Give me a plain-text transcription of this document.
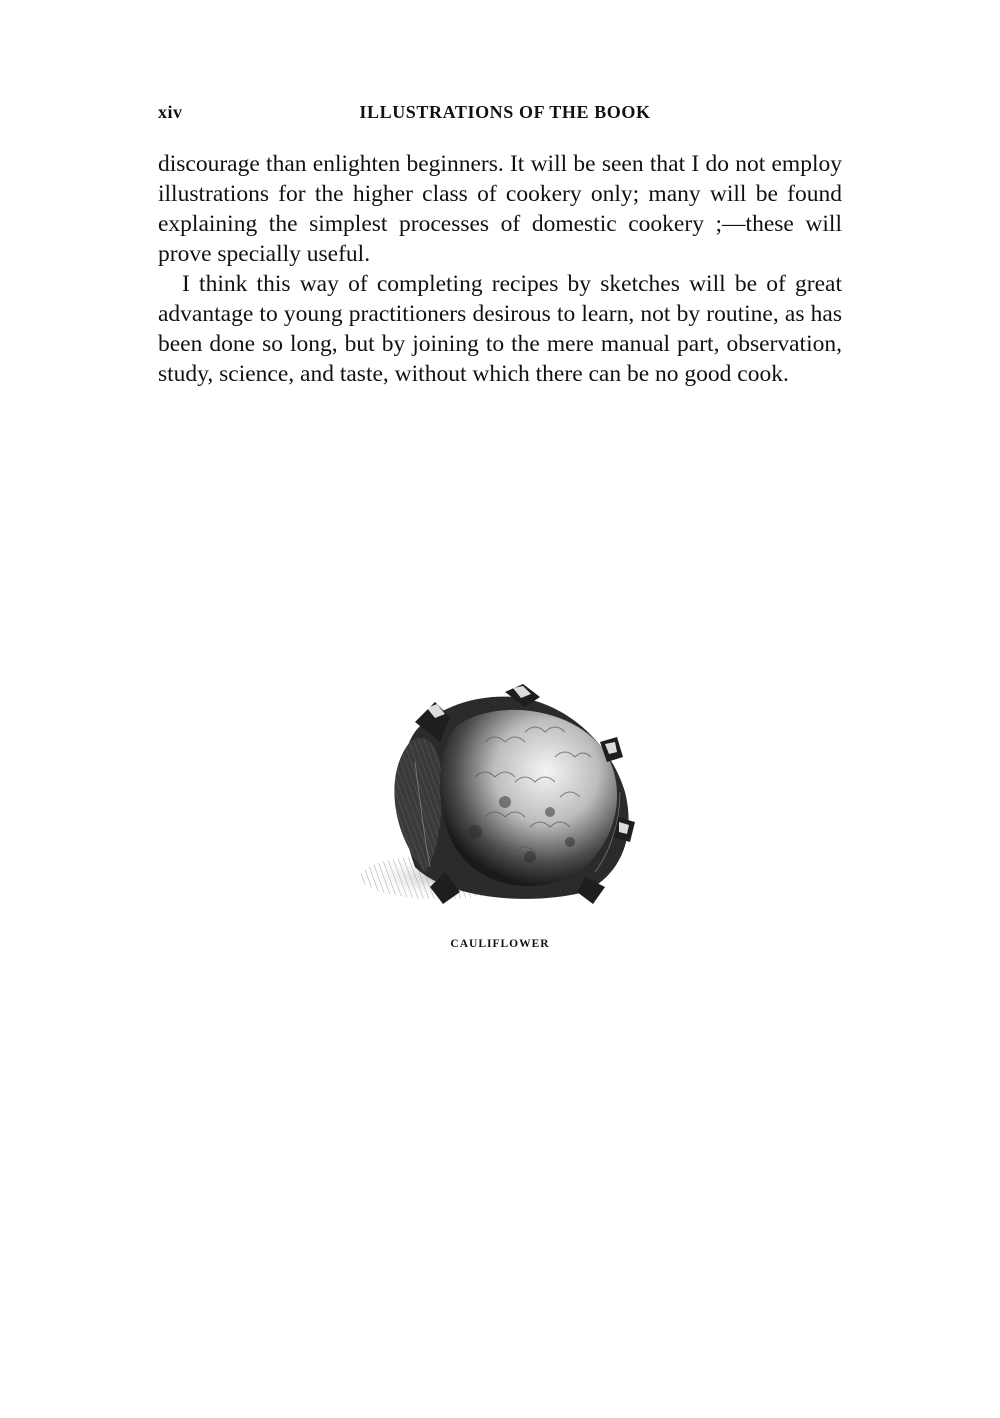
xiv	ILLUSTRATIONS OF THE BOOK

discourage than enlighten beginners. It will be seen that I do not employ illustrations for the higher class of cookery only; many will be found explaining the simplest processes of domestic cookery ;—these will prove specially useful.

I think this way of completing recipes by sketches will be of great advantage to young practitioners desirous to learn, not by routine, as has been done so long, but by joining to the mere manual part, observation, study, science, and taste, without which there can be no good cook.

CAULIFLOWER
